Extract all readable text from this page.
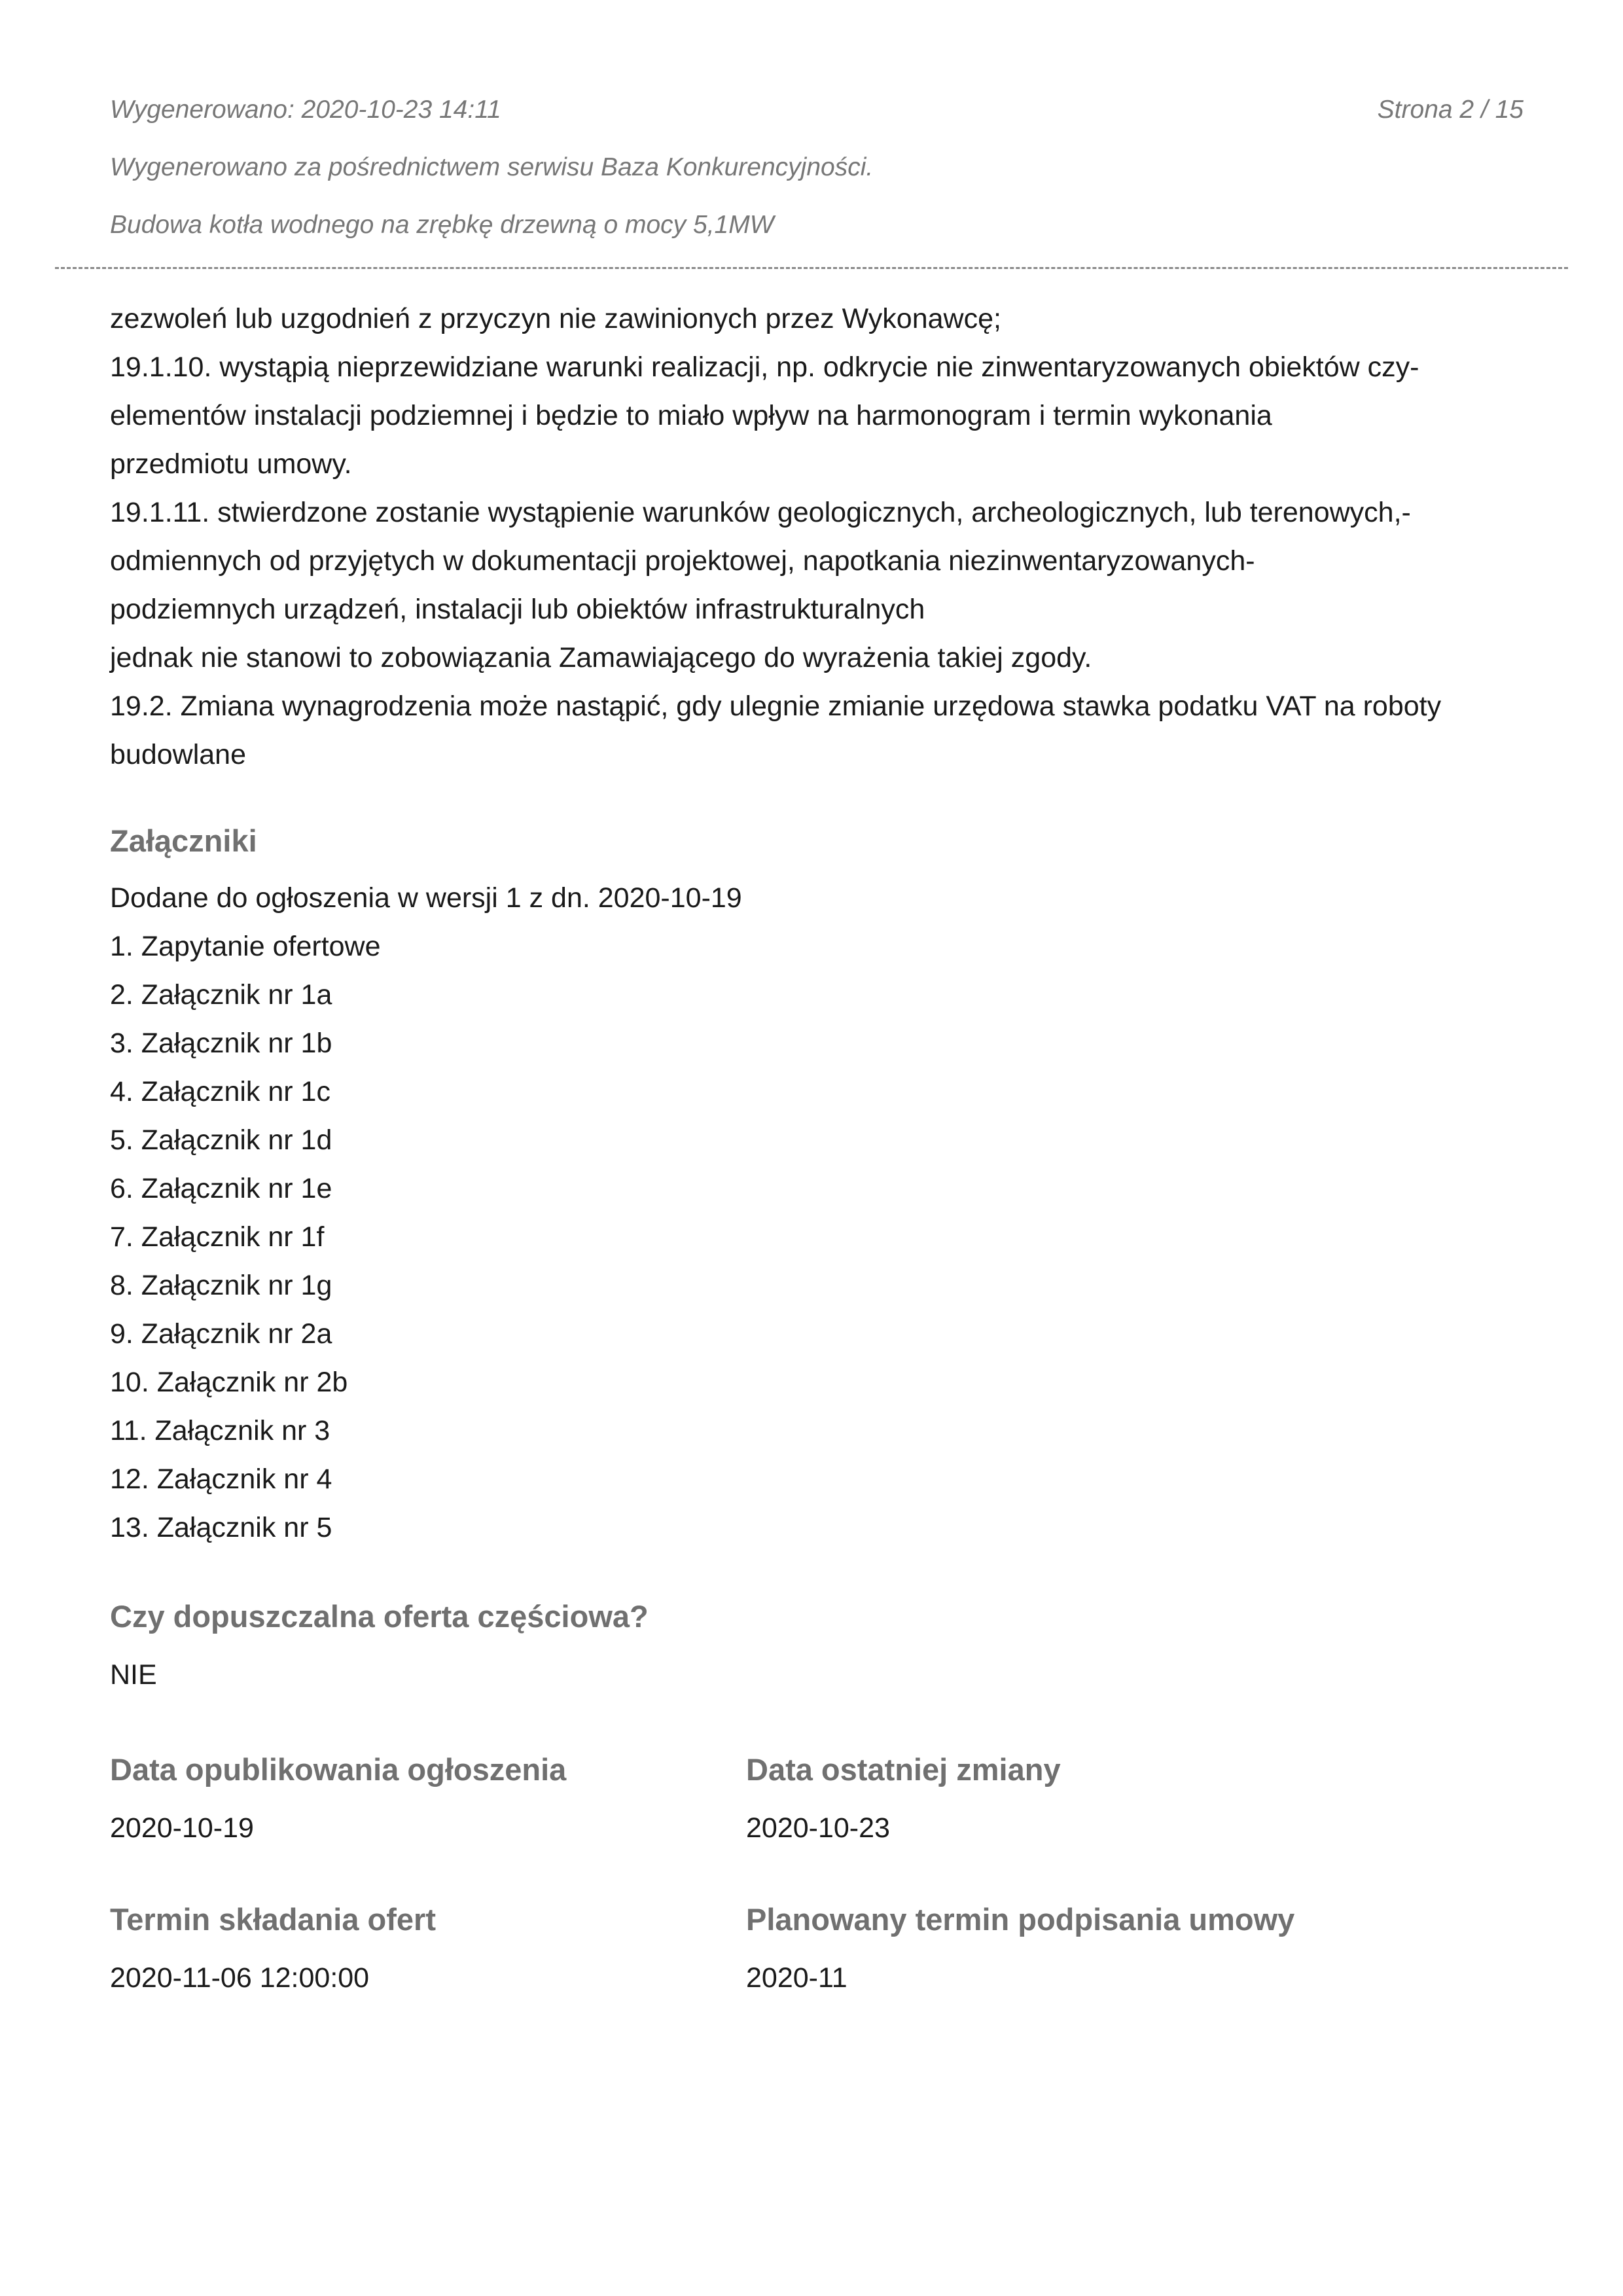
Wygenerowano: 2020-10-23 14:11	Strona 2 / 15
Wygenerowano za pośrednictwem serwisu Baza Konkurencyjności.
Budowa kotła wodnego na zrębkę drzewną o mocy 5,1MW
zezwoleń lub uzgodnień z przyczyn nie zawinionych przez Wykonawcę;
19.1.10. wystąpią nieprzewidziane warunki realizacji, np. odkrycie nie zinwentaryzowanych obiektów czy-
elementów instalacji podziemnej i będzie to miało wpływ na harmonogram i termin wykonania
przedmiotu umowy.
19.1.11. stwierdzone zostanie wystąpienie warunków geologicznych, archeologicznych, lub terenowych,-
odmiennych od przyjętych w dokumentacji projektowej, napotkania niezinwentaryzowanych-
podziemnych urządzeń, instalacji lub obiektów infrastrukturalnych
jednak nie stanowi to zobowiązania Zamawiającego do wyrażenia takiej zgody.
19.2. Zmiana wynagrodzenia może nastąpić, gdy ulegnie zmianie urzędowa stawka podatku VAT na roboty
budowlane
Załączniki
Dodane do ogłoszenia w wersji 1 z dn. 2020-10-19
1. Zapytanie ofertowe
2. Załącznik nr 1a
3. Załącznik nr 1b
4. Załącznik nr 1c
5. Załącznik nr 1d
6. Załącznik nr 1e
7. Załącznik nr 1f
8. Załącznik nr 1g
9. Załącznik nr 2a
10. Załącznik nr 2b
11. Załącznik nr 3
12. Załącznik nr 4
13. Załącznik nr 5
Czy dopuszczalna oferta częściowa?
NIE
Data opublikowania ogłoszenia
2020-10-19
Data ostatniej zmiany
2020-10-23
Termin składania ofert
2020-11-06 12:00:00
Planowany termin podpisania umowy
2020-11
